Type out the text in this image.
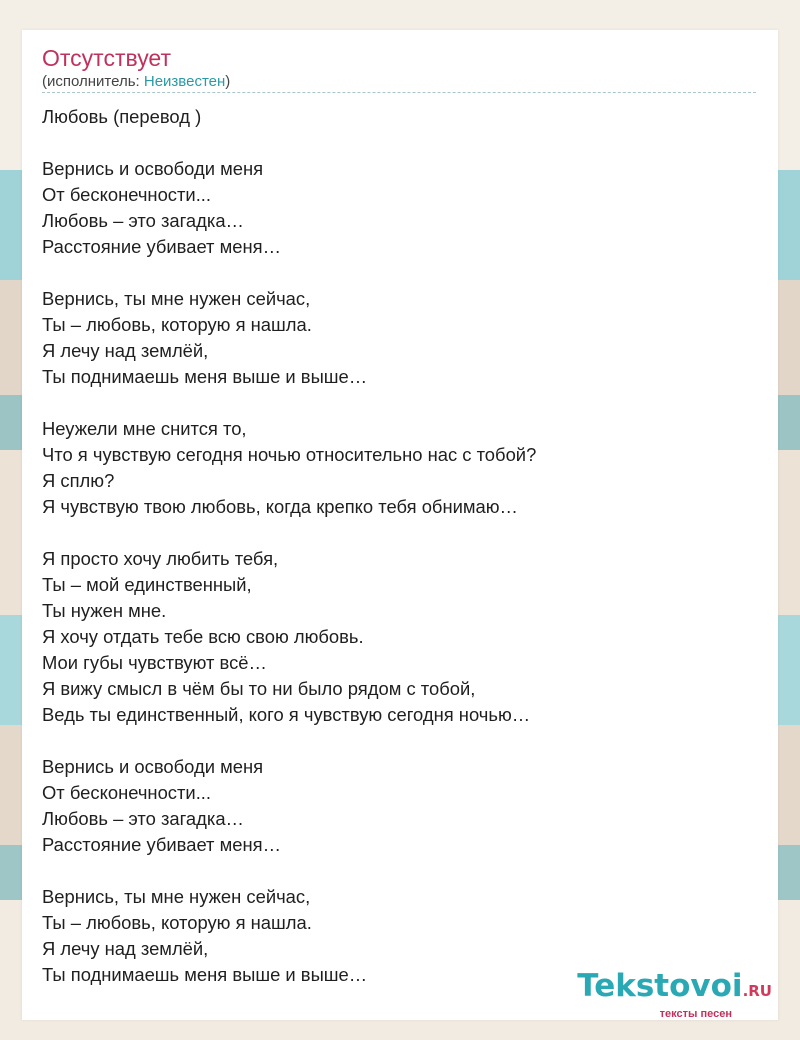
Отсутствует
(исполнитель: Неизвестен)
Любовь (перевод )
Вернись и освободи меня
От бесконечности...
Любовь – это загадка…
Расстояние убивает меня…
Вернись, ты мне нужен сейчас,
Ты – любовь, которую я нашла.
Я лечу над землёй,
Ты поднимаешь меня выше и выше…
Неужели мне снится то,
Что я чувствую сегодня ночью относительно нас с тобой?
Я сплю?
Я чувствую твою любовь, когда крепко тебя обнимаю…
Я просто хочу любить тебя,
Ты – мой единственный,
Ты нужен мне.
Я хочу отдать тебе всю свою любовь.
Мои губы чувствуют всё…
Я вижу смысл в чём бы то ни было рядом с тобой,
Ведь ты единственный, кого я чувствую сегодня ночью…
Вернись и освободи меня
От бесконечности...
Любовь – это загадка…
Расстояние убивает меня…
Вернись, ты мне нужен сейчас,
Ты – любовь, которую я нашла.
Я лечу над землёй,
Ты поднимаешь меня выше и выше…	Tekstovoi.RU
тексты песен
